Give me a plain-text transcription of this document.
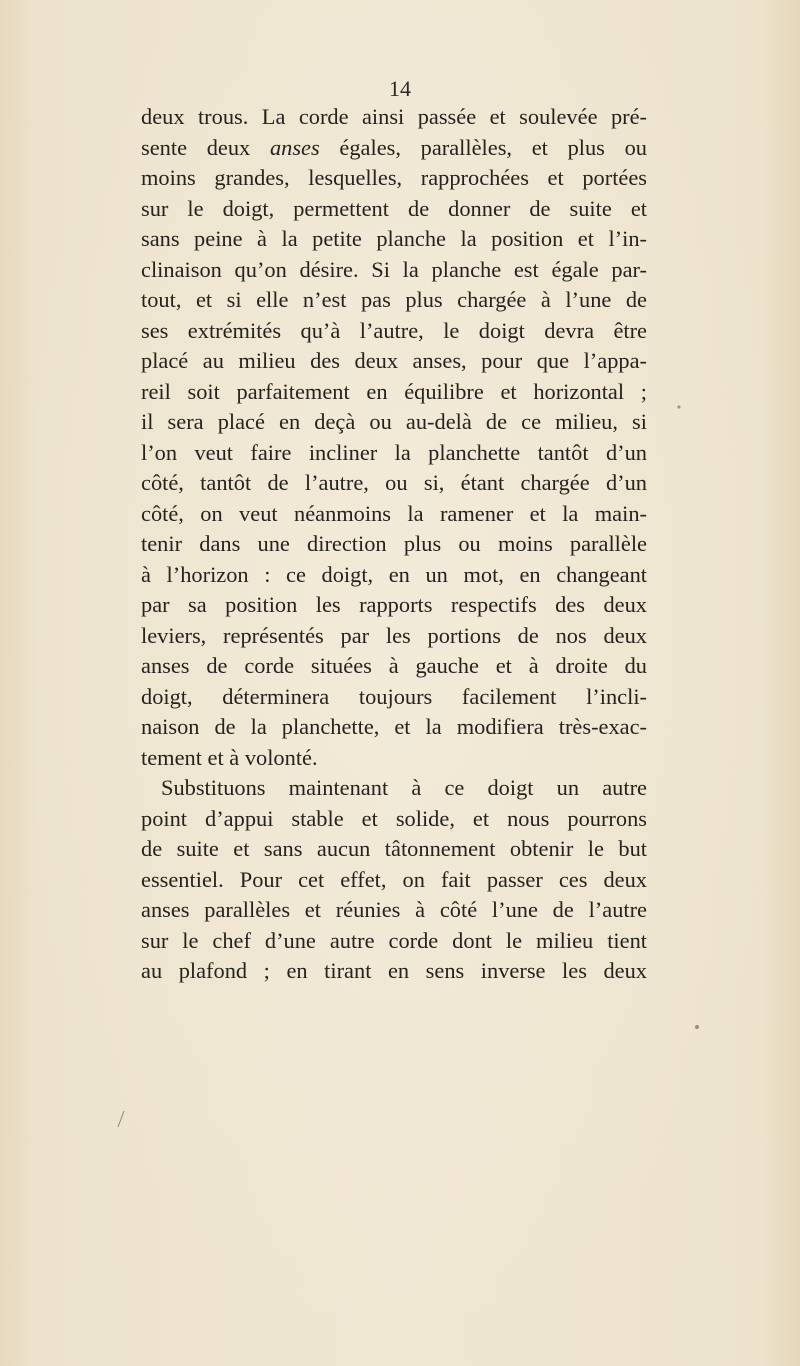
14
deux trous. La corde ainsi passée et soulevée pré-
sente deux anses égales, parallèles, et plus ou
moins grandes, lesquelles, rapprochées et portées
sur le doigt, permettent de donner de suite et
sans peine à la petite planche la position et l’in-
clinaison qu’on désire. Si la planche est égale par-
tout, et si elle n’est pas plus chargée à l’une de
ses extrémités qu’à l’autre, le doigt devra être
placé au milieu des deux anses, pour que l’appa-
reil soit parfaitement en équilibre et horizontal ;
il sera placé en deçà ou au-delà de ce milieu, si
l’on veut faire incliner la planchette tantôt d’un
côté, tantôt de l’autre, ou si, étant chargée d’un
côté, on veut néanmoins la ramener et la main-
tenir dans une direction plus ou moins parallèle
à l’horizon : ce doigt, en un mot, en changeant
par sa position les rapports respectifs des deux
leviers, représentés par les portions de nos deux
anses de corde situées à gauche et à droite du
doigt, déterminera toujours facilement l’incli-
naison de la planchette, et la modifiera très-exac-
tement et à volonté.
Substituons maintenant à ce doigt un autre
point d’appui stable et solide, et nous pourrons
de suite et sans aucun tâtonnement obtenir le but
essentiel. Pour cet effet, on fait passer ces deux
anses parallèles et réunies à côté l’une de l’autre
sur le chef d’une autre corde dont le milieu tient
au plafond ; en tirant en sens inverse les deux
